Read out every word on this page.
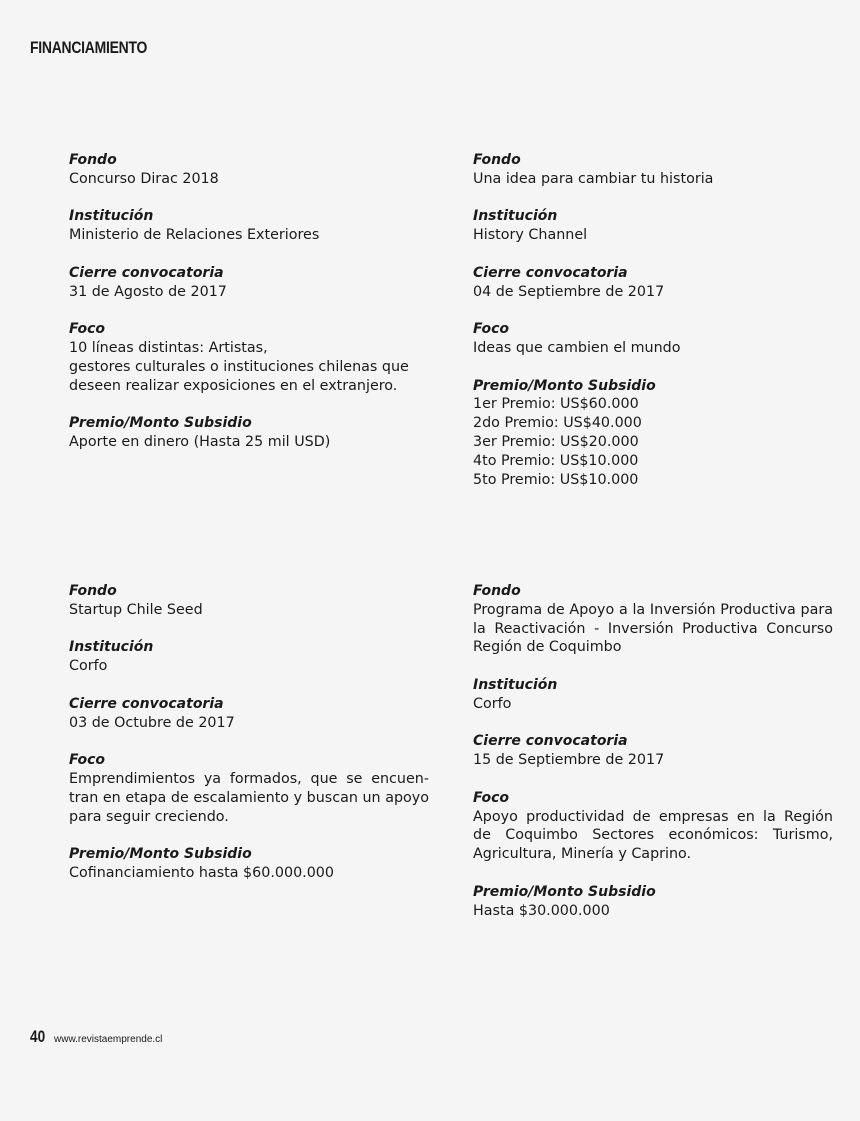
FINANCIAMIENTO
Fondo
Concurso Dirac 2018
Institución
Ministerio de Relaciones Exteriores
Cierre convocatoria
31 de Agosto de 2017
Foco
10 líneas distintas: Artistas,
gestores culturales o instituciones chilenas que
deseen realizar exposiciones en el extranjero.
Premio/Monto Subsidio
Aporte en dinero (Hasta 25 mil USD)
Fondo
Una idea para cambiar tu historia
Institución
History Channel
Cierre convocatoria
04 de Septiembre de 2017
Foco
Ideas que cambien el mundo
Premio/Monto Subsidio
1er Premio: US$60.000
2do Premio: US$40.000
3er Premio: US$20.000
4to Premio: US$10.000
5to Premio: US$10.000
Fondo
Startup Chile Seed
Institución
Corfo
Cierre convocatoria
03 de Octubre de 2017
Foco
Emprendimientos ya formados, que se encuen-tran en etapa de escalamiento y buscan un apoyo para seguir creciendo.
Premio/Monto Subsidio
Cofinanciamiento hasta $60.000.000
Fondo
Programa de Apoyo a la Inversión Productiva para la Reactivación - Inversión Productiva Concurso Región de Coquimbo
Institución
Corfo
Cierre convocatoria
15 de Septiembre de 2017
Foco
Apoyo productividad de empresas en la Región de Coquimbo Sectores económicos: Turismo, Agricultura, Minería y Caprino.
Premio/Monto Subsidio
Hasta $30.000.000
40 www.revistaemprende.cl
